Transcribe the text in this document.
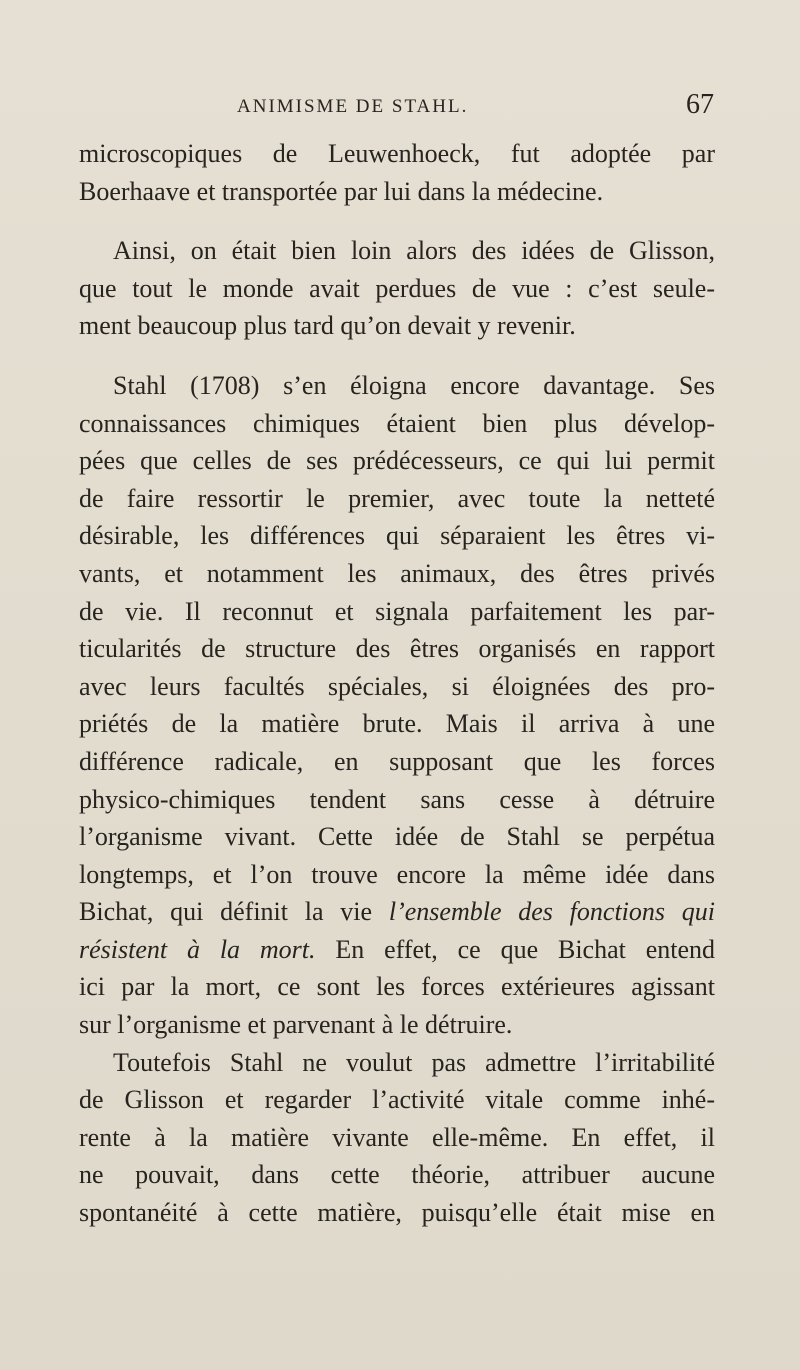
ANIMISME DE STAHL.	67
microscopiques de Leuwenhoeck, fut adoptée par
Boerhaave et transportée par lui dans la médecine.
Ainsi, on était bien loin alors des idées de Glisson,
que tout le monde avait perdues de vue : c’est seule-
ment beaucoup plus tard qu’on devait y revenir.
Stahl (1708) s’en éloigna encore davantage. Ses
connaissances chimiques étaient bien plus dévelop-
pées que celles de ses prédécesseurs, ce qui lui permit
de faire ressortir le premier, avec toute la netteté
désirable, les différences qui séparaient les êtres vi-
vants, et notamment les animaux, des êtres privés
de vie. Il reconnut et signala parfaitement les par-
ticularités de structure des êtres organisés en rapport
avec leurs facultés spéciales, si éloignées des pro-
priétés de la matière brute. Mais il arriva à une
différence radicale, en supposant que les forces
physico-chimiques tendent sans cesse à détruire
l’organisme vivant. Cette idée de Stahl se perpétua
longtemps, et l’on trouve encore la même idée dans
Bichat, qui définit la vie l’ensemble des fonctions qui
résistent à la mort. En effet, ce que Bichat entend
ici par la mort, ce sont les forces extérieures agissant
sur l’organisme et parvenant à le détruire.
Toutefois Stahl ne voulut pas admettre l’irritabilité
de Glisson et regarder l’activité vitale comme inhé-
rente à la matière vivante elle-même. En effet, il
ne pouvait, dans cette théorie, attribuer aucune
spontanéité à cette matière, puisqu’elle était mise en
